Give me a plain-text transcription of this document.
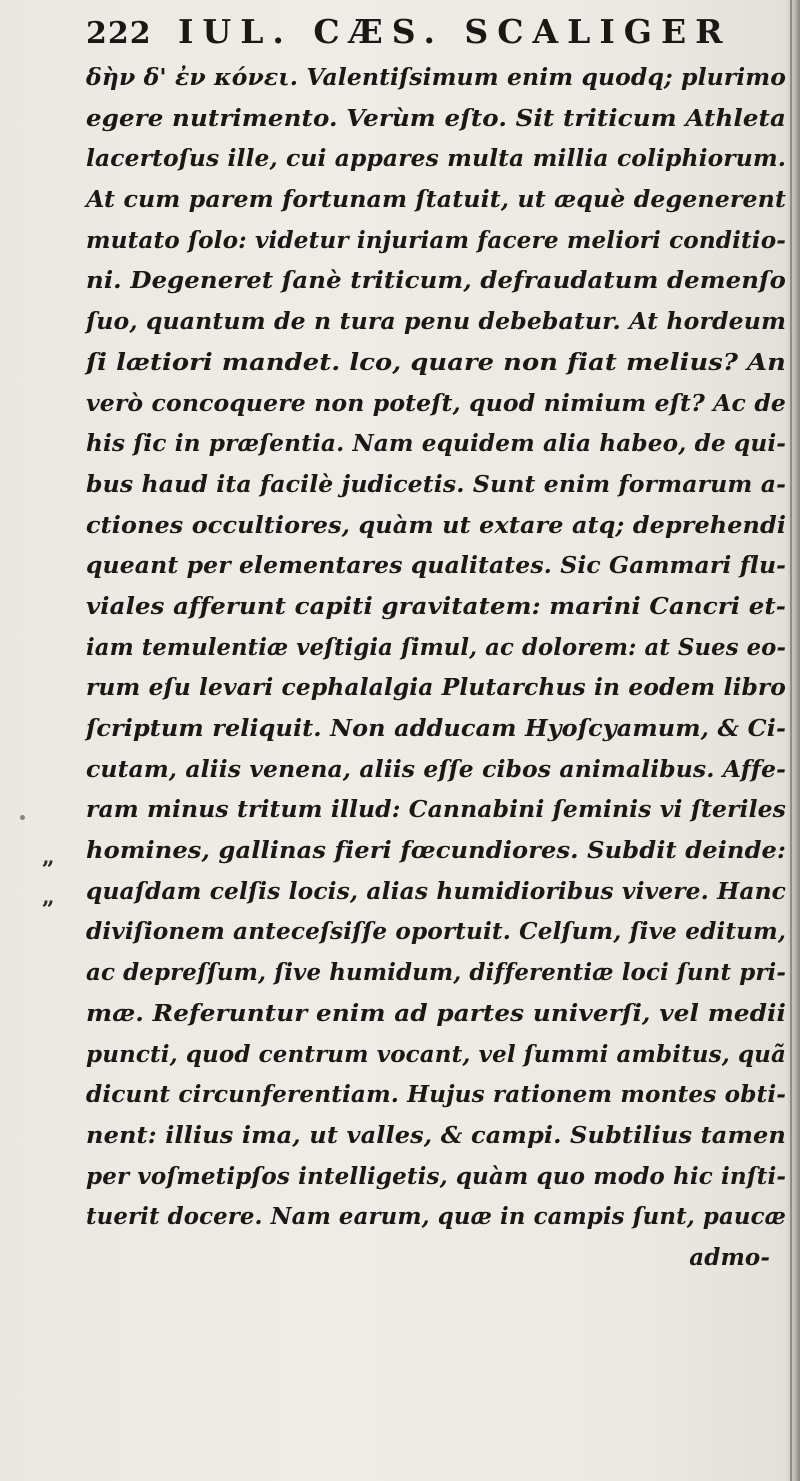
222 IUL. CÆS. SCALIGER
„
„
δὴν δ' ἐν κόνει. Valentiſsimum enim quodq; plurimo
egere nutrimento. Verùm eſto. Sit triticum Athleta
lacertoſus ille, cui appares multa millia coliphiorum.
At cum parem fortunam ſtatuit, ut æquè degenerent
mutato ſolo: videtur injuriam facere meliori conditio-
ni. Degeneret ſanè triticum, defraudatum demenſo
ſuo, quantum de n tura penu debebatur. At hordeum
ſi lætiori mandet. lco, quare non fiat melius? An
verò concoquere non poteſt, quod nimium eſt? Ac de
his ſic in præſentia. Nam equidem alia habeo, de qui-
bus haud ita facilè judicetis. Sunt enim formarum a-
ctiones occultiores, quàm ut extare atq; deprehendi
queant per elementares qualitates. Sic Gammari flu-
viales afferunt capiti gravitatem: marini Cancri et-
iam temulentiæ veſtigia ſimul, ac dolorem: at Sues eo-
rum eſu levari cephalalgia Plutarchus in eodem libro
ſcriptum reliquit. Non adducam Hyoſcyamum, & Ci-
cutam, aliis venena, aliis eſſe cibos animalibus. Affe-
ram minus tritum illud: Cannabini ſeminis vi ſteriles
homines, gallinas fieri fœcundiores. Subdit deinde:
quaſdam celſis locis, alias humidioribus vivere. Hanc
diviſionem anteceſsiſſe oportuit. Celſum, ſive editum,
ac depreſſum, ſive humidum, differentiæ loci ſunt pri-
mæ. Referuntur enim ad partes univerſi, vel medii
puncti, quod centrum vocant, vel ſummi ambitus, quã
dicunt circunferentiam. Hujus rationem montes obti-
nent: illius ima, ut valles, & campi. Subtilius tamen
per voſmetipſos intelligetis, quàm quo modo hic inſti-
tuerit docere. Nam earum, quæ in campis ſunt, paucæ
admo-
